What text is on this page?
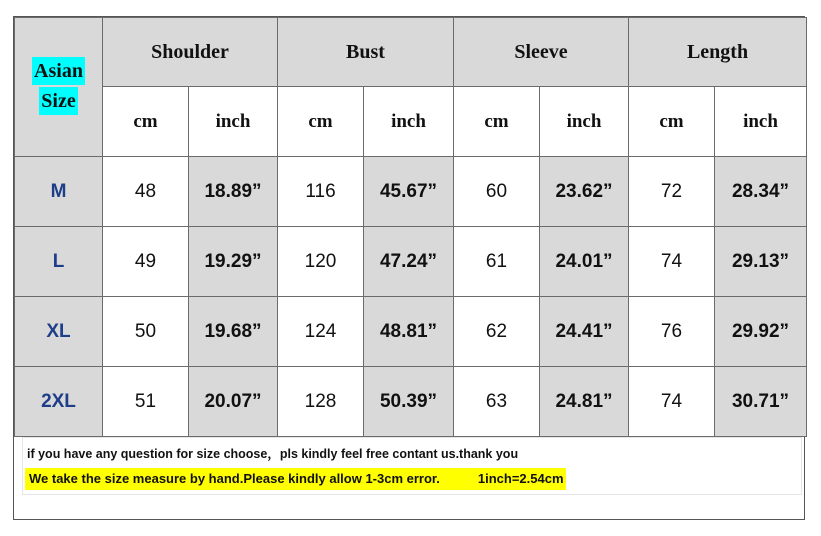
Asian
Size	Shoulder		Bust		Sleeve		Length	
	cm	inch	cm	inch	cm	inch	cm	inch
M	48	18.89”	116	45.67”	60	23.62”	72	28.34”
L	49	19.29”	120	47.24”	61	24.01”	74	29.13”
XL	50	19.68”	124	48.81”	62	24.41”	76	29.92”
2XL	51	20.07”	128	50.39”	63	24.81”	74	30.71”
if you have any question for size choose，pls kindly feel free contant us.thank you
We take the size measure by hand.Please kindly allow 1-3cm error.	1inch=2.54cm
